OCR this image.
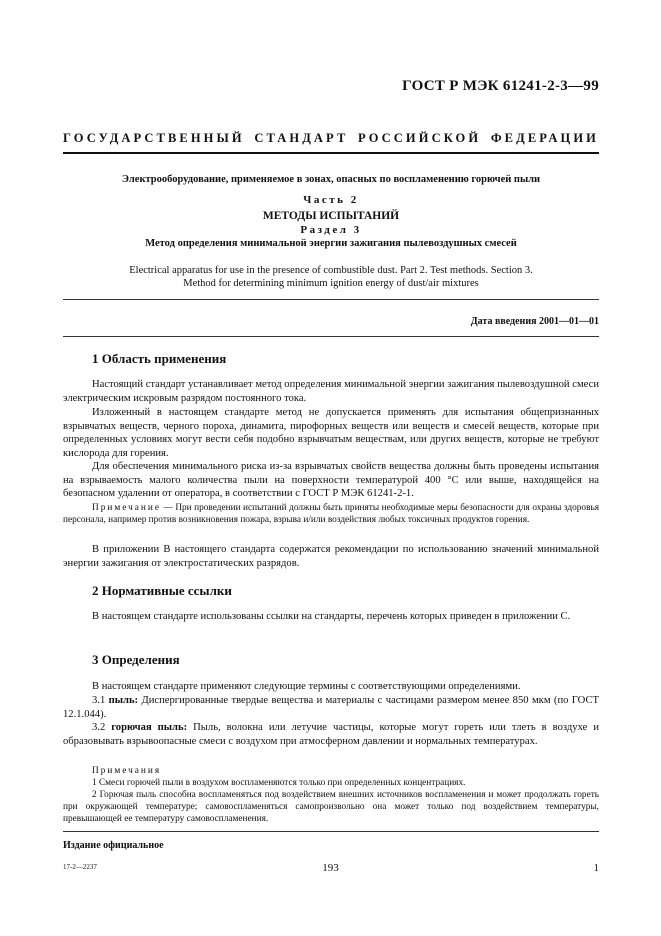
ГОСТ Р МЭК 61241-2-3—99
ГОСУДАРСТВЕННЫЙ СТАНДАРТ РОССИЙСКОЙ ФЕДЕРАЦИИ
Электрооборудование, применяемое в зонах, опасных по воспламенению горючей пыли
Часть 2
МЕТОДЫ ИСПЫТАНИЙ
Раздел 3
Метод определения минимальной энергии зажигания пылевоздушных смесей
Electrical apparatus for use in the presence of combustible dust. Part 2. Test methods. Section 3.
Method for determining minimum ignition energy of dust/air mixtures
Дата введения 2001—01—01
1 Область применения

Настоящий стандарт устанавливает метод определения минимальной энергии зажигания пылевоздушной смеси электрическим искровым разрядом постоянного тока.

Изложенный в настоящем стандарте метод не допускается применять для испытания общепризнанных взрывчатых веществ, черного пороха, динамита, пирофорных веществ или веществ и смесей веществ, которые при определенных условиях могут вести себя подобно взрывчатым веществам, или других веществ, которые не требуют кислорода для горения.

Для обеспечения минимального риска из-за взрывчатых свойств вещества должны быть проведены испытания на взрываемость малого количества пыли на поверхности температурой 400 °С или выше, находящейся на безопасном удалении от оператора, в соответствии с ГОСТ Р МЭК 61241-2-1.

Примечание — При проведении испытаний должны быть приняты необходимые меры безопасности для охраны здоровья персонала, например против возникновения пожара, взрыва и/или воздействия любых токсичных продуктов горения.

В приложении В настоящего стандарта содержатся рекомендации по использованию значений минимальной энергии зажигания от электростатических разрядов.

2 Нормативные ссылки

В настоящем стандарте использованы ссылки на стандарты, перечень которых приведен в приложении С.

3 Определения

В настоящем стандарте применяют следующие термины с соответствующими определениями.

3.1 пыль: Диспергированные твердые вещества и материалы с частицами размером менее 850 мкм (по ГОСТ 12.1.044).

3.2 горючая пыль: Пыль, волокна или летучие частицы, которые могут гореть или тлеть в воздухе и образовывать взрывоопасные смеси с воздухом при атмосферном давлении и нормальных температурах.

Примечания

1 Смеси горючей пыли в воздухом воспламеняются только при определенных концентрациях.

2 Горючая пыль способна воспламеняться под воздействием внешних источников воспламенения и может продолжать гореть при окружающей температуре; самовоспламеняться самопроизвольно она может только под воздействием температуры, превышающей ее температуру самовоспламенения.

Издание официальное
17-2—2237	193	1
